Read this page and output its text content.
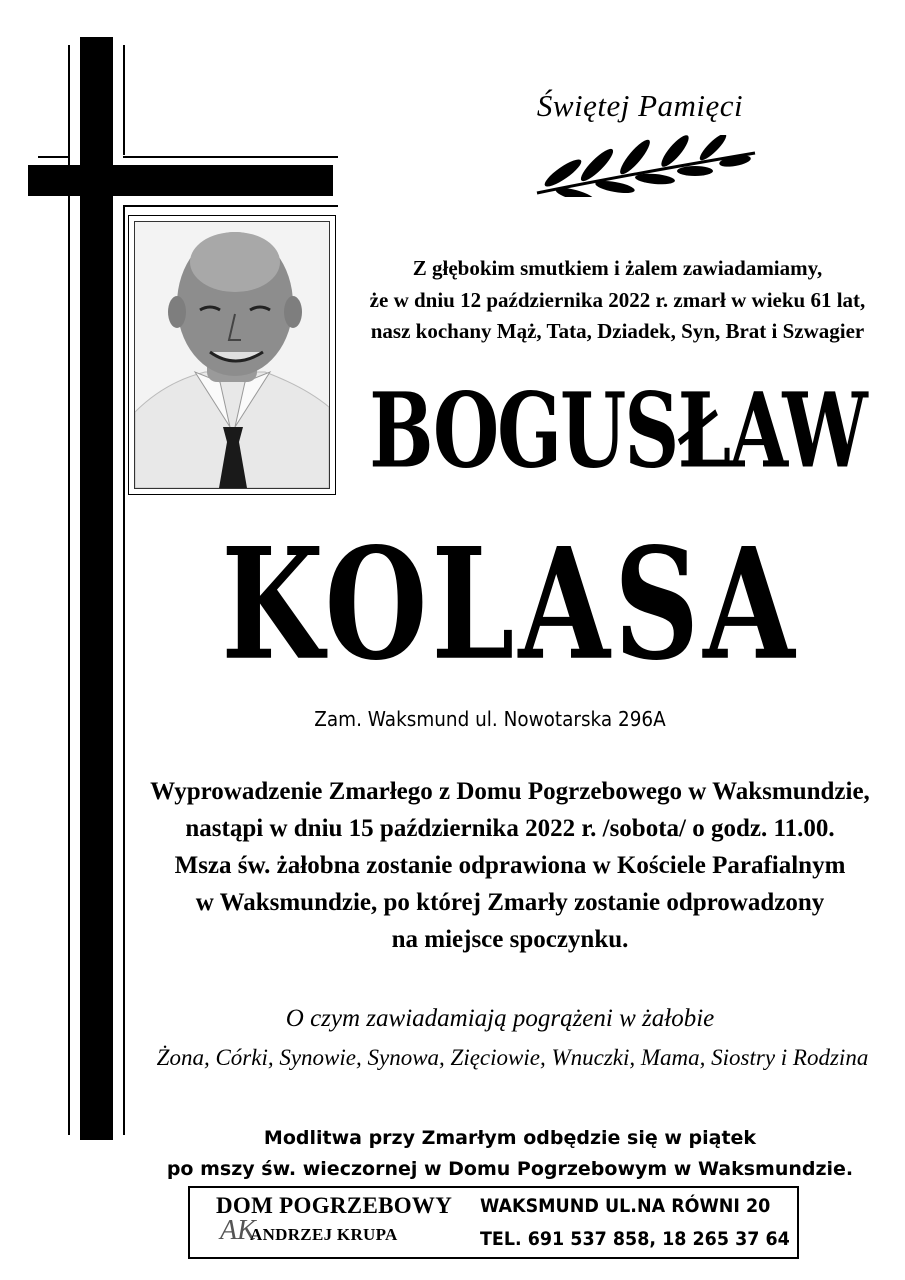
Świętej Pamięci
Z głębokim smutkiem i żalem zawiadamiamy,
że w dniu 12 października 2022 r. zmarł w wieku 61 lat,
nasz kochany Mąż, Tata, Dziadek, Syn, Brat i Szwagier
BOGUSŁAW
KOLASA
Zam. Waksmund ul. Nowotarska 296A
Wyprowadzenie Zmarłego z Domu Pogrzebowego w Waksmundzie,
nastąpi w dniu 15 października 2022 r. /sobota/ o godz. 11.00.
Msza św. żałobna zostanie odprawiona w Kościele Parafialnym
w Waksmundzie, po której Zmarły zostanie odprowadzony
na miejsce spoczynku.
O czym zawiadamiają pogrążeni w żałobie
Żona, Córki, Synowie, Synowa, Zięciowie, Wnuczki, Mama, Siostry i Rodzina
Modlitwa przy Zmarłym odbędzie się w piątek
po mszy św. wieczornej w Domu Pogrzebowym w Waksmundzie.
DOM POGRZEBOWY
AK
ANDRZEJ KRUPA
WAKSMUND UL.NA RÓWNI 20
TEL. 691 537 858, 18 265 37 64
